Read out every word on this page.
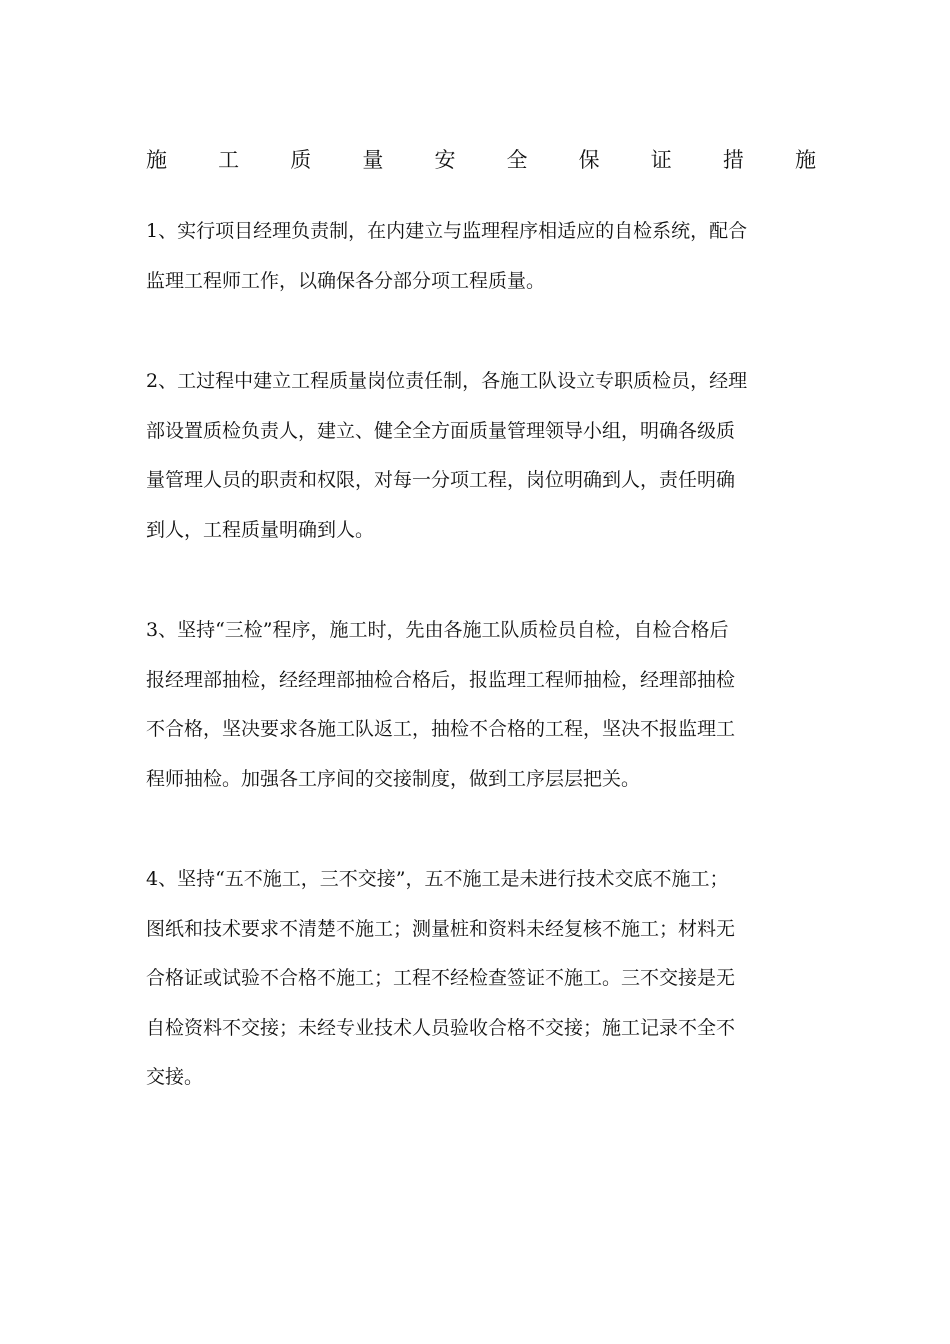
施 工 质 量 安 全 保 证 措 施
1、实行项目经理负责制，在内建立与监理程序相适应的自检系统，配合
监理工程师工作，以确保各分部分项工程质量。
2、工过程中建立工程质量岗位责任制，各施工队设立专职质检员，经理
部设置质检负责人，建立、健全全方面质量管理领导小组，明确各级质
量管理人员的职责和权限，对每一分项工程，岗位明确到人，责任明确
到人，工程质量明确到人。
3、坚持“三检”程序，施工时，先由各施工队质检员自检，自检合格后
报经理部抽检，经经理部抽检合格后，报监理工程师抽检，经理部抽检
不合格，坚决要求各施工队返工，抽检不合格的工程，坚决不报监理工
程师抽检。加强各工序间的交接制度，做到工序层层把关。
4、坚持“五不施工，三不交接”，五不施工是未进行技术交底不施工；
图纸和技术要求不清楚不施工；测量桩和资料未经复核不施工；材料无
合格证或试验不合格不施工；工程不经检查签证不施工。三不交接是无
自检资料不交接；未经专业技术人员验收合格不交接；施工记录不全不
交接。
